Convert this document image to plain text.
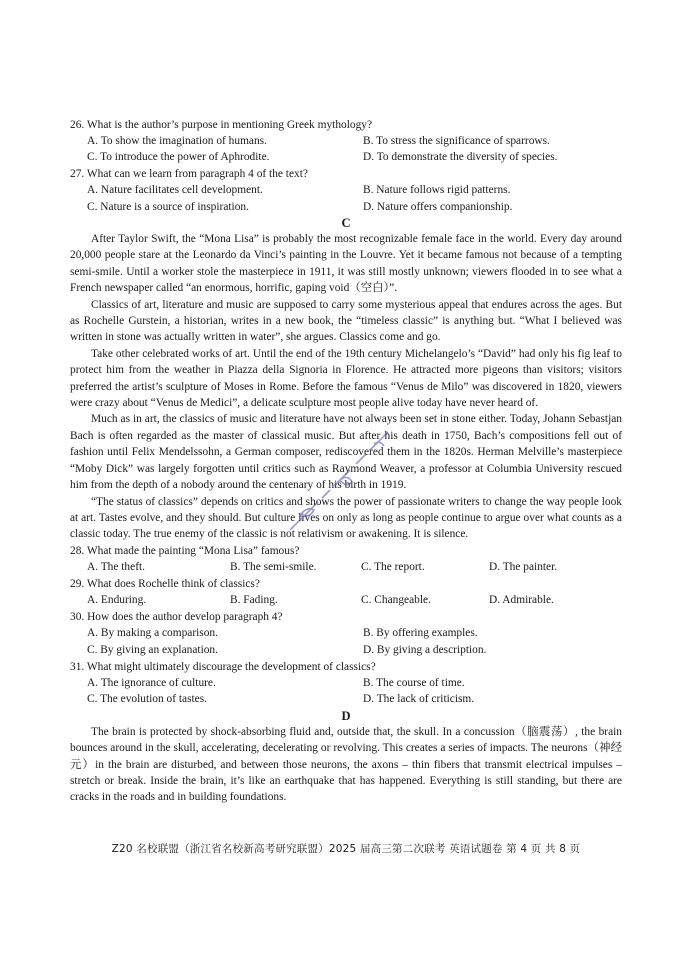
26. What is the author’s purpose in mentioning Greek mythology?
A. To show the imagination of humans.	B. To stress the significance of sparrows.
C. To introduce the power of Aphrodite.	D. To demonstrate the diversity of species.
27. What can we learn from paragraph 4 of the text?
A. Nature facilitates cell development.	B. Nature follows rigid patterns.
C. Nature is a source of inspiration.	D. Nature offers companionship.
C

After Taylor Swift, the “Mona Lisa” is probably the most recognizable female face in the world. Every day around 20,000 people stare at the Leonardo da Vinci’s painting in the Louvre. Yet it became famous not because of a tempting semi-smile. Until a worker stole the masterpiece in 1911, it was still mostly unknown; viewers flooded in to see what a French newspaper called “an enormous, horrific, gaping void（空白）”.

Classics of art, literature and music are supposed to carry some mysterious appeal that endures across the ages. But as Rochelle Gurstein, a historian, writes in a new book, the “timeless classic” is anything but. “What I believed was written in stone was actually written in water”, she argues. Classics come and go.

Take other celebrated works of art. Until the end of the 19th century Michelangelo’s “David” had only his fig leaf to protect him from the weather in Piazza della Signoria in Florence. He attracted more pigeons than visitors; visitors preferred the artist’s sculpture of Moses in Rome. Before the famous “Venus de Milo” was discovered in 1820, viewers were crazy about “Venus de Medici”, a delicate sculpture most people alive today have never heard of.

Much as in art, the classics of music and literature have not always been set in stone either. Today, Johann Sebastjan Bach is often regarded as the master of classical music. But after his death in 1750, Bach’s compositions fell out of fashion until Felix Mendelssohn, a German composer, rediscovered them in the 1820s. Herman Melville’s masterpiece “Moby Dick” was largely forgotten until critics such as Raymond Weaver, a professor at Columbia University rescued him from the depth of a nobody around the centenary of his birth in 1919.

“The status of classics” depends on critics and shows the power of passionate writers to change the way people look at art. Tastes evolve, and they should. But culture lives on only as long as people continue to argue over what counts as a classic today. The true enemy of the classic is not relativism or awakening. It is silence.

28. What made the painting “Mona Lisa” famous?
A. The theft.	B. The semi-smile.	C. The report.	D. The painter.
29. What does Rochelle think of classics?
A. Enduring.	B. Fading.	C. Changeable.	D. Admirable.
30. How does the author develop paragraph 4?
A. By making a comparison.	B. By offering examples.
C. By giving an explanation.	D. By giving a description.
31. What might ultimately discourage the development of classics?
A. The ignorance of culture.	B. The course of time.
C. The evolution of tastes.	D. The lack of criticism.
D

The brain is protected by shock-absorbing fluid and, outside that, the skull. In a concussion（脑震荡）, the brain bounces around in the skull, accelerating, decelerating or revolving. This creates a series of impacts. The neurons（神经元）in the brain are disturbed, and between those neurons, the axons – thin fibers that transmit electrical impulses – stretch or break. Inside the brain, it’s like an earthquake that has happened. Everything is still standing, but there are cracks in the roads and in building foundations.

Z20 名校联盟（浙江省名校新高考研究联盟）2025 届高三第二次联考 英语试题卷 第 4 页 共 8 页
